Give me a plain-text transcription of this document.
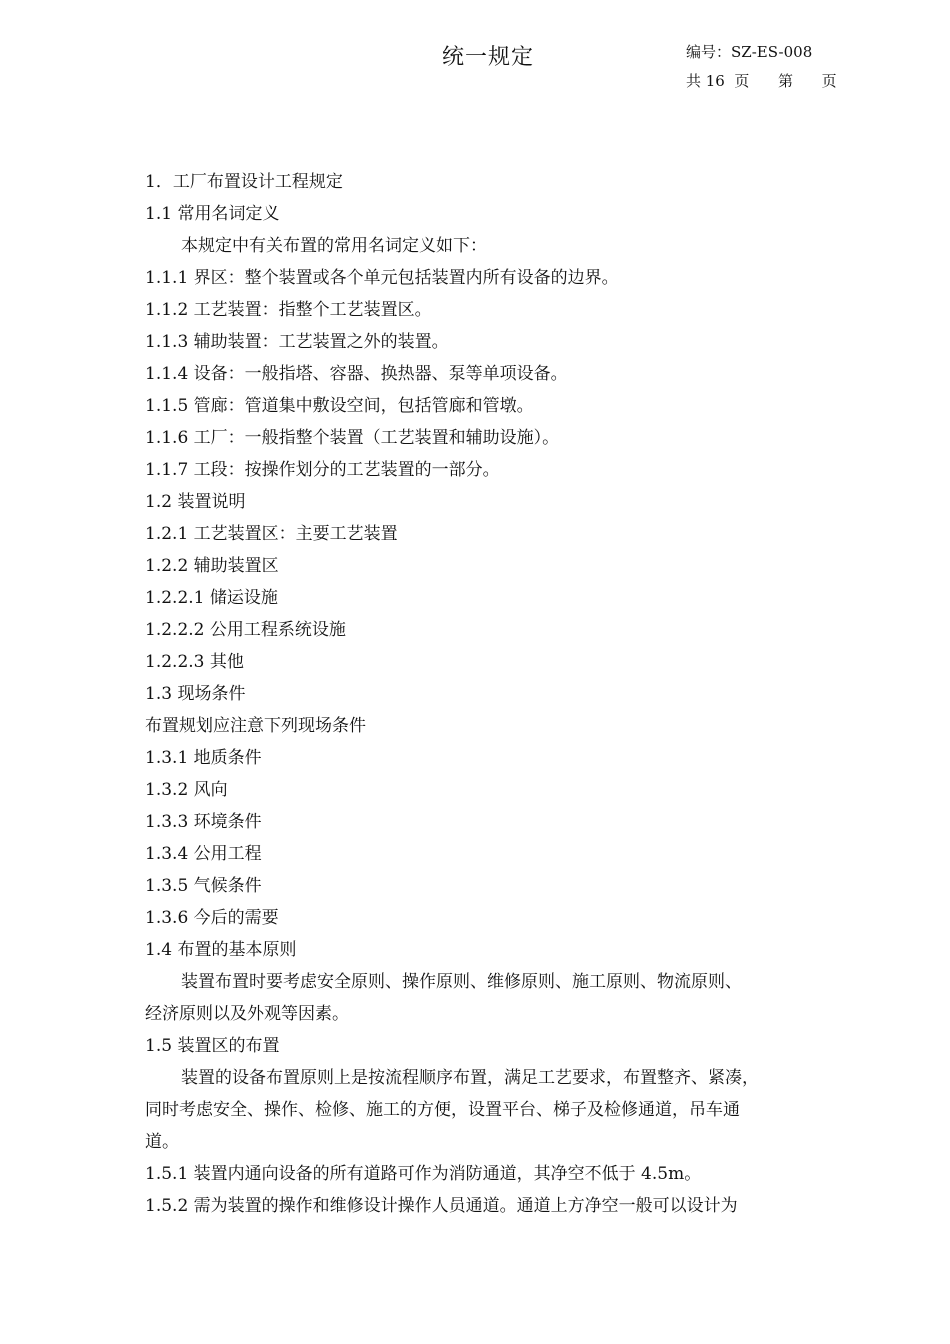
统一规定	编号：SZ-ES-008
共 16  页      第      页
1．工厂布置设计工程规定
1.1 常用名词定义
本规定中有关布置的常用名词定义如下：
1.1.1 界区：整个装置或各个单元包括装置内所有设备的边界。
1.1.2 工艺装置：指整个工艺装置区。
1.1.3 辅助装置：工艺装置之外的装置。
1.1.4 设备：一般指塔、容器、换热器、泵等单项设备。
1.1.5 管廊：管道集中敷设空间，包括管廊和管墩。
1.1.6 工厂：一般指整个装置（工艺装置和辅助设施）。
1.1.7 工段：按操作划分的工艺装置的一部分。
1.2 装置说明
1.2.1 工艺装置区：主要工艺装置
1.2.2 辅助装置区
1.2.2.1 储运设施
1.2.2.2 公用工程系统设施
1.2.2.3 其他
1.3 现场条件
布置规划应注意下列现场条件
1.3.1 地质条件
1.3.2 风向
1.3.3 环境条件
1.3.4 公用工程
1.3.5 气候条件
1.3.6 今后的需要
1.4 布置的基本原则
装置布置时要考虑安全原则、操作原则、维修原则、施工原则、物流原则、
经济原则以及外观等因素。
1.5 装置区的布置
装置的设备布置原则上是按流程顺序布置，满足工艺要求，布置整齐、紧凑，
同时考虑安全、操作、检修、施工的方便，设置平台、梯子及检修通道，吊车通
道。
1.5.1 装置内通向设备的所有道路可作为消防通道，其净空不低于 4.5m。
1.5.2 需为装置的操作和维修设计操作人员通道。通道上方净空一般可以设计为
